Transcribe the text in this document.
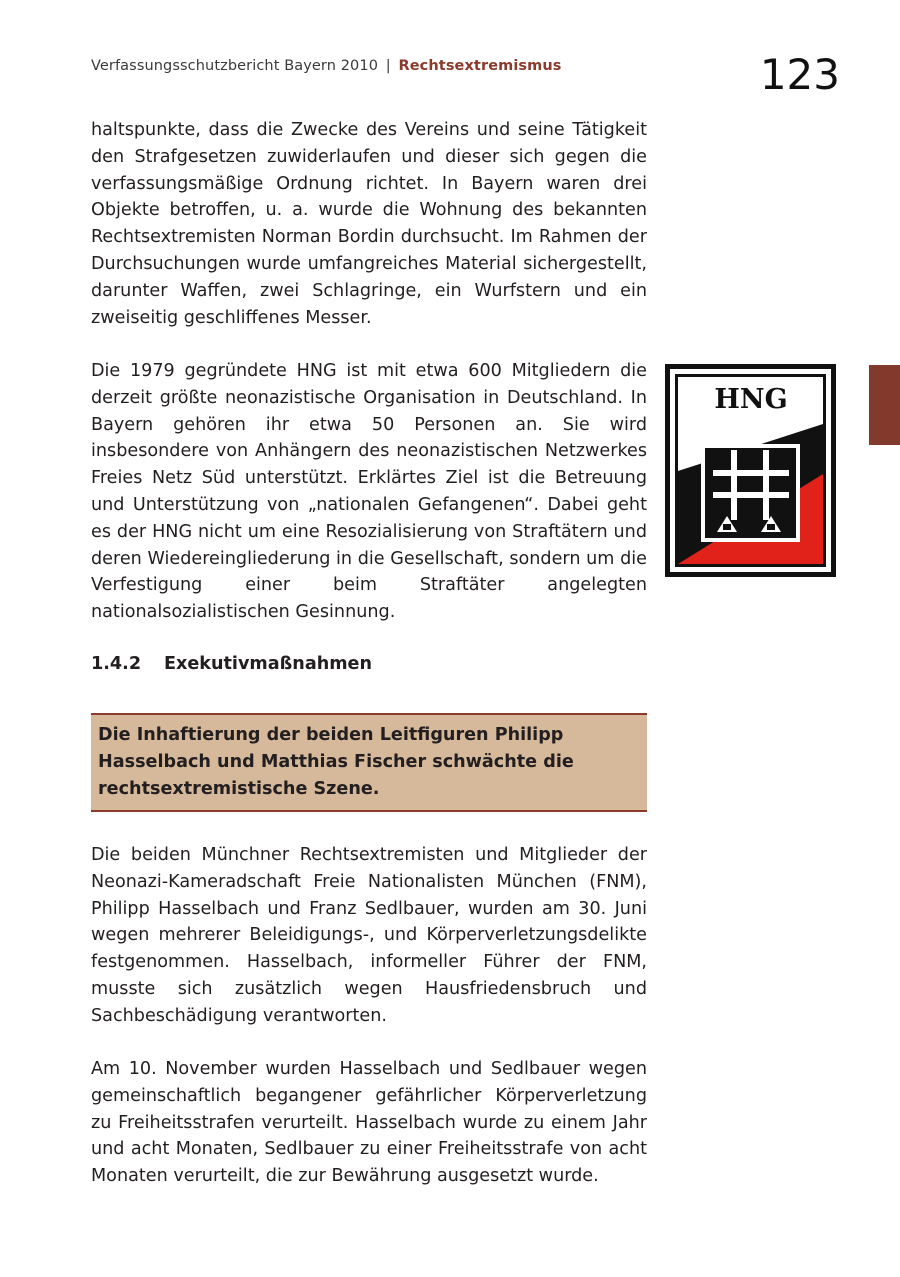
Verfassungsschutzbericht Bayern 2010 | Rechtsextremismus	123

haltspunkte, dass die Zwecke des Vereins und seine Tätigkeit den Strafgesetzen zuwiderlaufen und dieser sich gegen die verfassungsmäßige Ordnung richtet. In Bayern waren drei Objekte betroffen, u. a. wurde die Wohnung des bekannten Rechtsextremisten Norman Bordin durchsucht. Im Rahmen der Durchsuchungen wurde umfangreiches Material sichergestellt, darunter Waffen, zwei Schlagringe, ein Wurfstern und ein zweiseitig geschliffenes Messer.

Die 1979 gegründete HNG ist mit etwa 600 Mitgliedern die derzeit größte neonazistische Organisation in Deutschland. In Bayern gehören ihr etwa 50 Personen an. Sie wird insbesondere von Anhängern des neonazistischen Netzwerkes Freies Netz Süd unterstützt. Erklärtes Ziel ist die Betreuung und Unterstützung von „nationalen Gefangenen“. Dabei geht es der HNG nicht um eine Resozialisierung von Straftätern und deren Wiedereingliederung in die Gesellschaft, sondern um die Verfestigung einer beim Straftäter angelegten nationalsozialistischen Gesinnung.

HNG
1.4.2 Exekutivmaßnahmen
Die Inhaftierung der beiden Leitfiguren Philipp Hasselbach und Matthias Fischer schwächte die rechtsextremistische Szene.

Die beiden Münchner Rechtsextremisten und Mitglieder der Neonazi-Kameradschaft Freie Nationalisten München (FNM), Philipp Hasselbach und Franz Sedlbauer, wurden am 30. Juni wegen mehrerer Beleidigungs-, und Körperverletzungsdelikte festgenommen. Hasselbach, informeller Führer der FNM, musste sich zusätzlich wegen Hausfriedensbruch und Sachbeschädigung verantworten.

Am 10. November wurden Hasselbach und Sedlbauer wegen gemeinschaftlich begangener gefährlicher Körperverletzung zu Freiheitsstrafen verurteilt. Hasselbach wurde zu einem Jahr und acht Monaten, Sedlbauer zu einer Freiheitsstrafe von acht Monaten verurteilt, die zur Bewährung ausgesetzt wurde.
